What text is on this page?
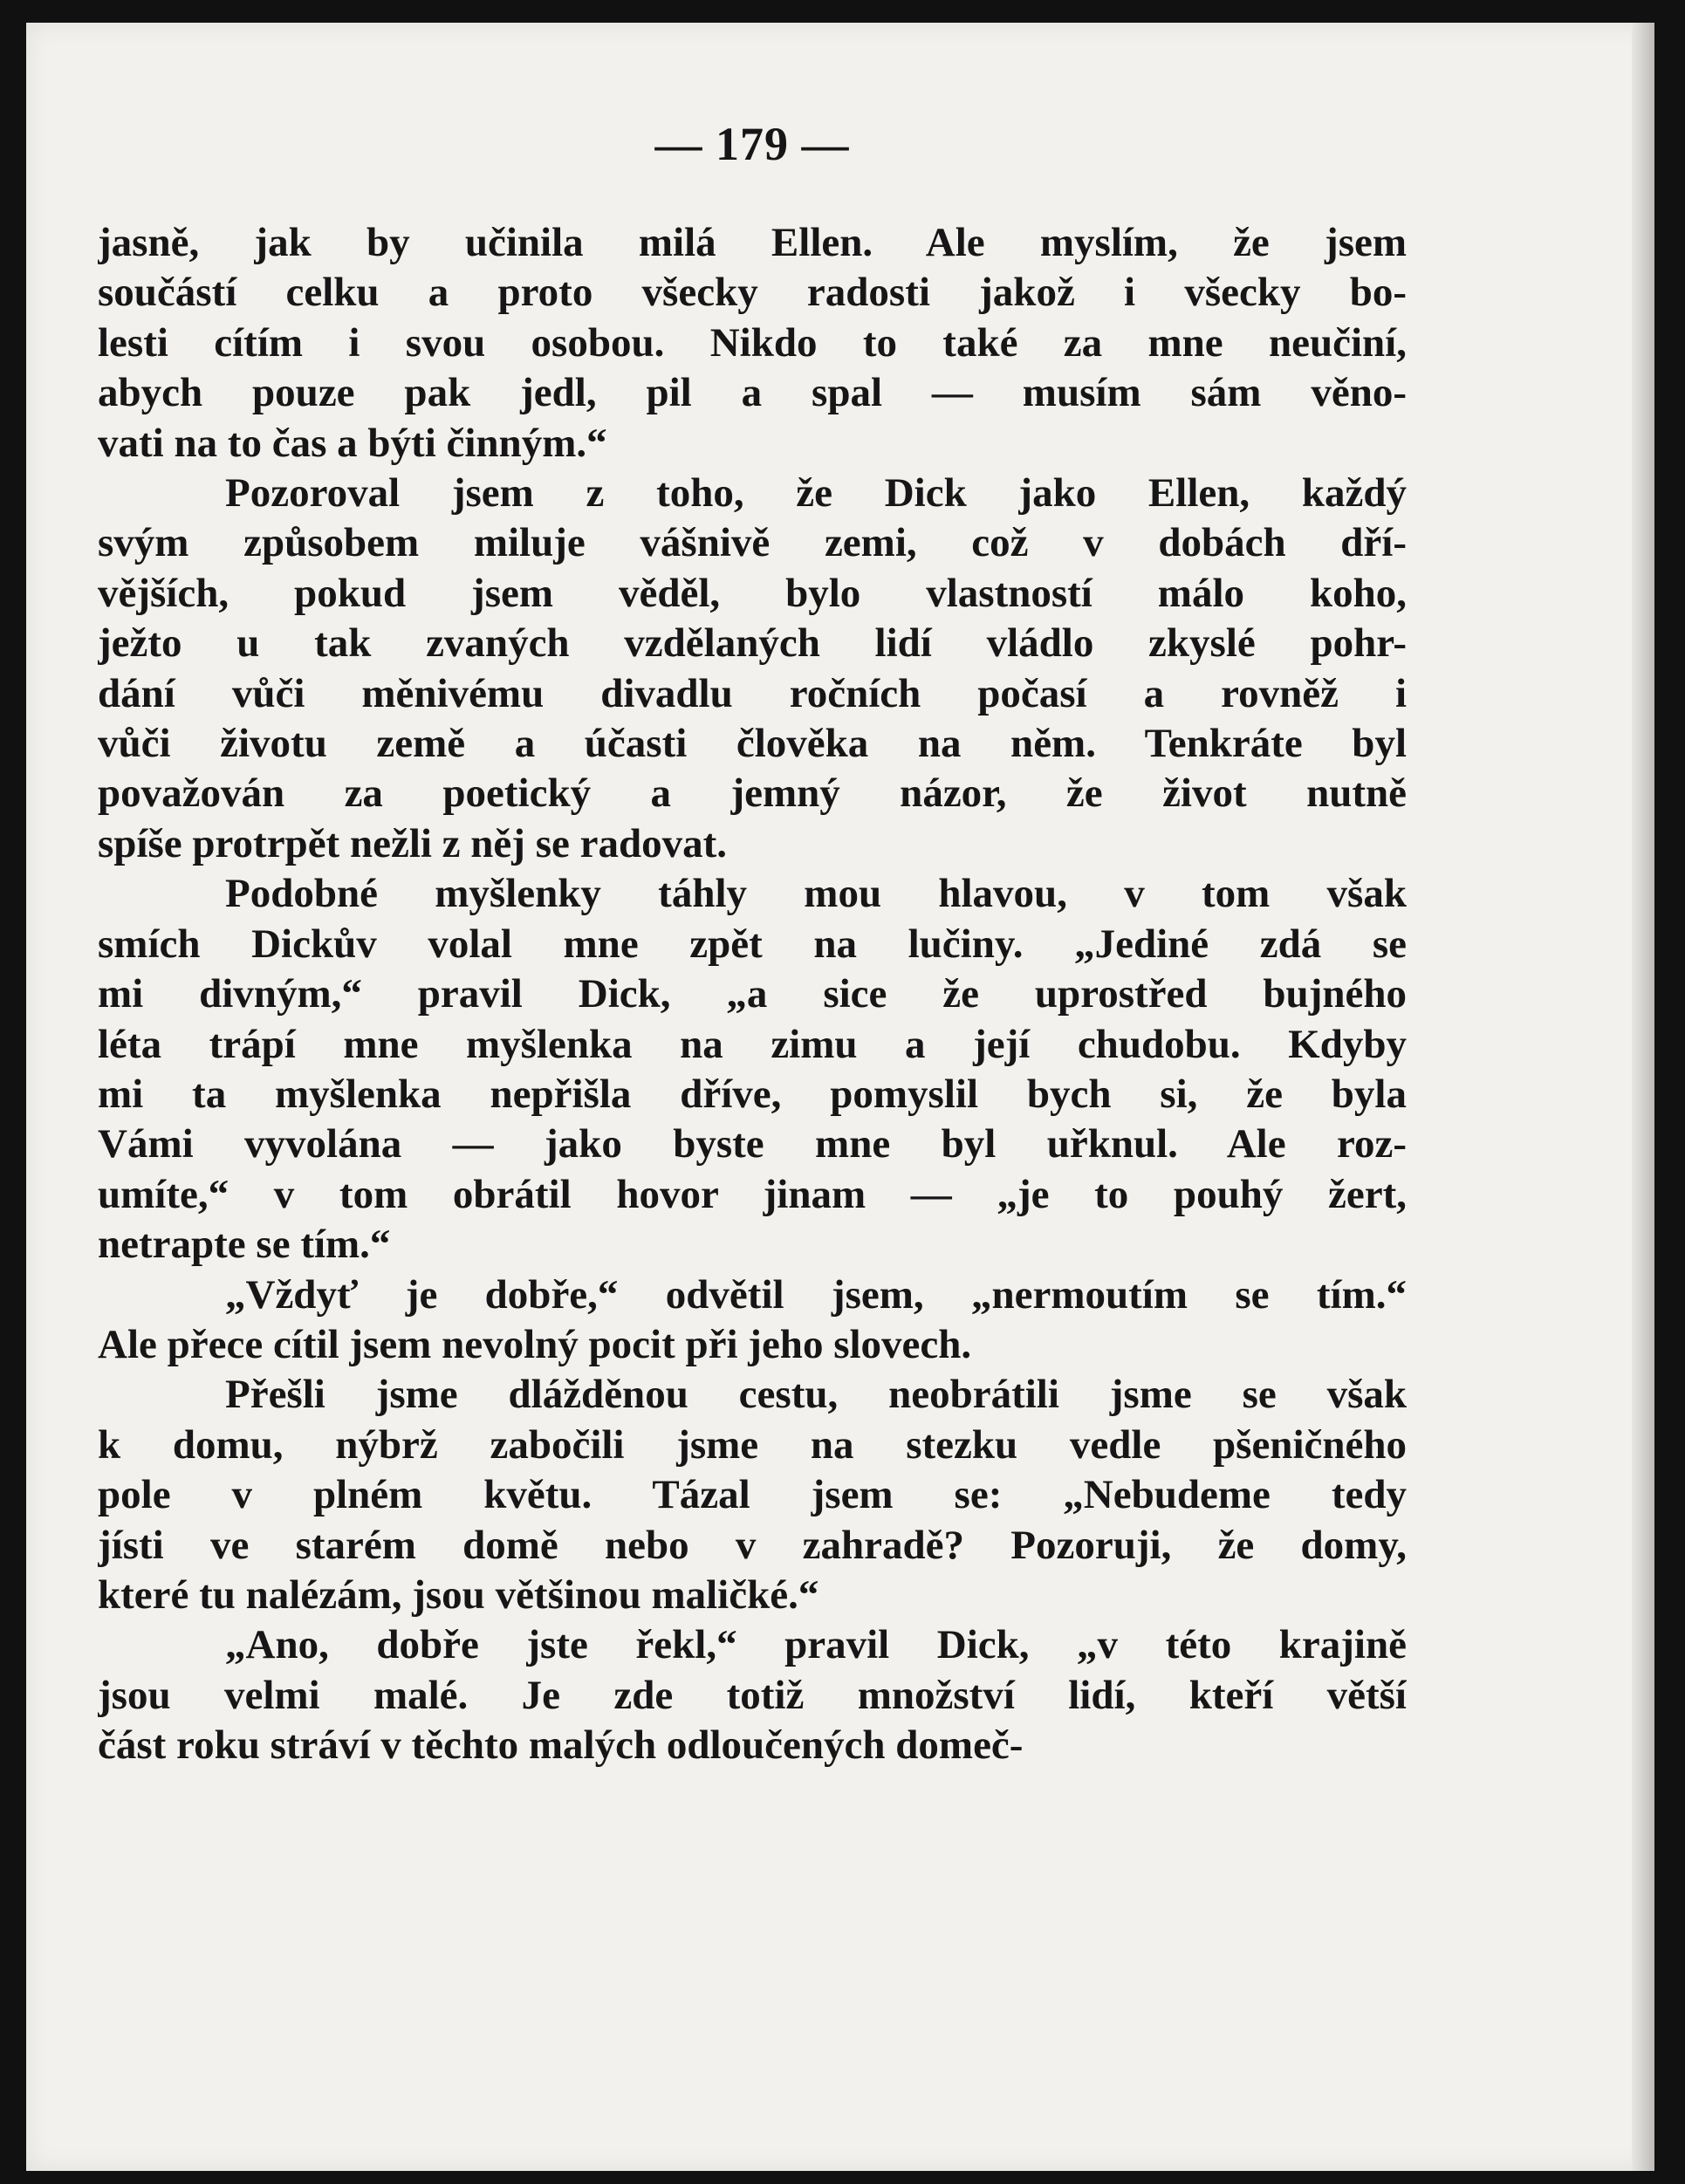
— 179 —
jasně, jak by učinila milá Ellen. Ale myslím, že jsem
součástí celku a proto všecky radosti jakož i všecky bo-
lesti cítím i svou osobou. Nikdo to také za mne neučiní,
abych pouze pak jedl, pil a spal — musím sám věno-
vati na to čas a býti činným.“
Pozoroval jsem z toho, že Dick jako Ellen, každý
svým způsobem miluje vášnivě zemi, což v dobách dří-
vějších, pokud jsem věděl, bylo vlastností málo koho,
ježto u tak zvaných vzdělaných lidí vládlo zkyslé pohr-
dání vůči měnivému divadlu ročních počasí a rovněž i
vůči životu země a účasti člověka na něm. Tenkráte byl
považován za poetický a jemný názor, že život nutně
spíše protrpět nežli z něj se radovat.
Podobné myšlenky táhly mou hlavou, v tom však
smích Dickův volal mne zpět na lučiny. „Jediné zdá se
mi divným,“ pravil Dick, „a sice že uprostřed bujného
léta trápí mne myšlenka na zimu a její chudobu. Kdyby
mi ta myšlenka nepřišla dříve, pomyslil bych si, že byla
Vámi vyvolána — jako byste mne byl uřknul. Ale roz-
umíte,“ v tom obrátil hovor jinam — „je to pouhý žert,
netrapte se tím.“
„Vždyť je dobře,“ odvětil jsem, „nermoutím se tím.“
Ale přece cítil jsem nevolný pocit při jeho slovech.
Přešli jsme dlážděnou cestu, neobrátili jsme se však
k domu, nýbrž zabočili jsme na stezku vedle pšeničného
pole v plném květu. Tázal jsem se: „Nebudeme tedy
jísti ve starém domě nebo v zahradě? Pozoruji, že domy,
které tu nalézám, jsou většinou maličké.“
„Ano, dobře jste řekl,“ pravil Dick, „v této krajině
jsou velmi malé. Je zde totiž množství lidí, kteří větší
část roku stráví v těchto malých odloučených domeč-
